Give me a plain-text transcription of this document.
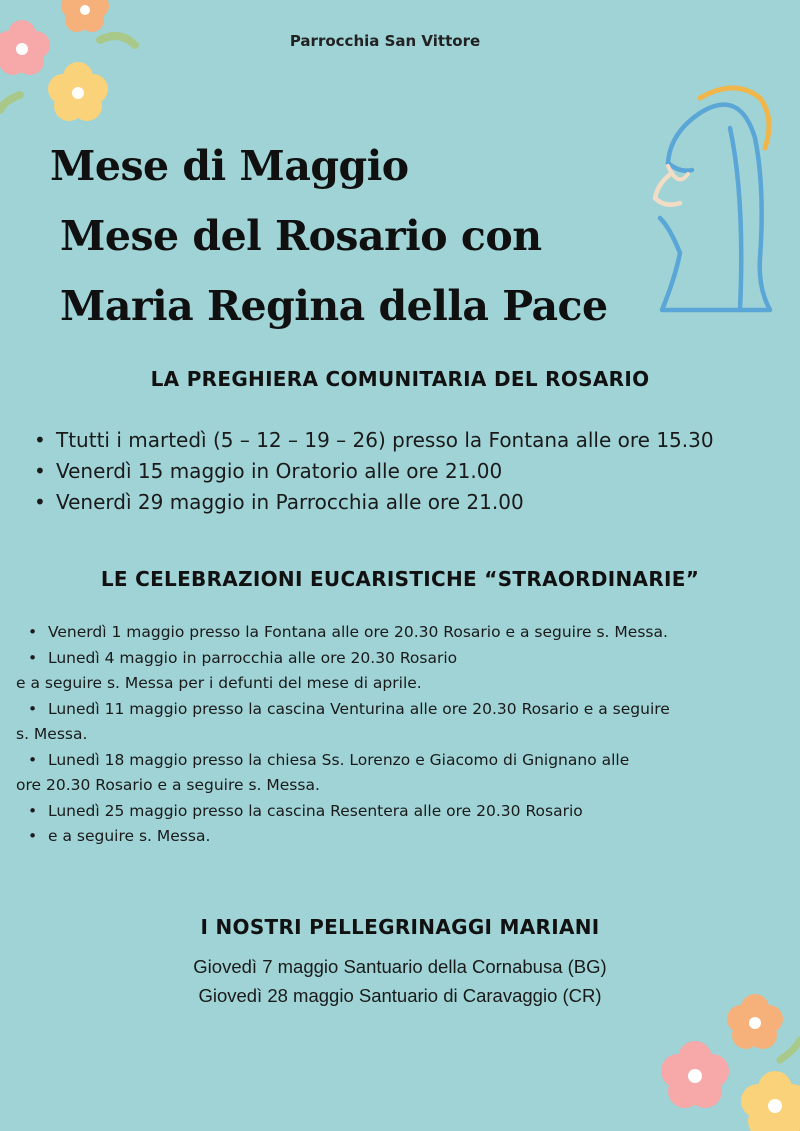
Parrocchia San Vittore
Mese di Maggio
Mese del Rosario con
Maria Regina della Pace
LA PREGHIERA COMUNITARIA DEL ROSARIO
• Ttutti i martedì (5 – 12 – 19 – 26) presso la Fontana alle ore 15.30
• Venerdì 15 maggio in Oratorio alle ore 21.00
• Venerdì 29 maggio in Parrocchia alle ore 21.00
LE CELEBRAZIONI EUCARISTICHE “STRAORDINARIE”
• Venerdì 1 maggio presso la Fontana alle ore 20.30 Rosario e a seguire s. Messa.
• Lunedì 4 maggio in parrocchia alle ore 20.30 Rosario
e a seguire s. Messa per i defunti del mese di aprile.
• Lunedì 11 maggio presso la cascina Venturina alle ore 20.30 Rosario e a seguire
s. Messa.
• Lunedì 18 maggio presso la chiesa Ss. Lorenzo e Giacomo di Gnignano alle
ore 20.30 Rosario e a seguire s. Messa.
• Lunedì 25 maggio presso la cascina Resentera alle ore 20.30 Rosario
• e a seguire s. Messa.
I NOSTRI PELLEGRINAGGI MARIANI
Giovedì 7 maggio Santuario della Cornabusa (BG)
Giovedì 28 maggio Santuario di Caravaggio (CR)
